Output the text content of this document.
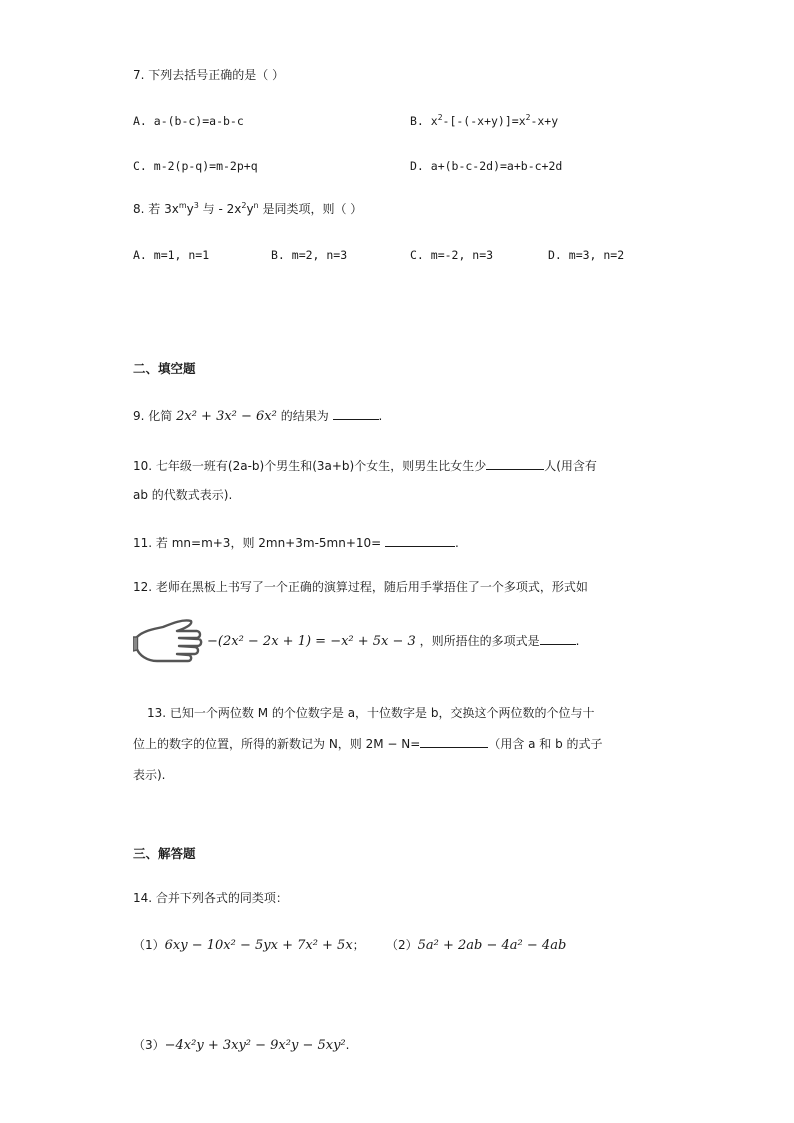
7. 下列去括号正确的是（ ）
A. a-(b-c)=a-b-c	B. $x^2-[-(-x+y)]=x^2-x+y$
C. m-2(p-q)=m-2p+q	D. a+(b-c-2d)=a+b-c+2d
8. 若 $3x^my^3$ 与 - $2x^2y^n$ 是同类项，则（ ）
A. m=1, n=1	B. m=2, n=3	C. m=-2, n=3	D. m=3, n=2
二、填空题
9. 化简 2x² + 3x² − 6x² 的结果为	.
10. 七年级一班有(2a-b)个男生和(3a+b)个女生，则男生比女生少	人(用含有
ab 的代数式表示).
11. 若 mn=m+3，则 2mn+3m-5mn+10=	.
12. 老师在黑板上书写了一个正确的演算过程，随后用手掌捂住了一个多项式，形式如
−(2x² − 2x + 1) = −x² + 5x − 3 ，则所捂住的多项式是	.
13. 已知一个两位数 M 的个位数字是 a，十位数字是 b，交换这个两位数的个位与十
位上的数字的位置，所得的新数记为 N，则 2M − N=	（用含 a 和 b 的式子
表示).
三、解答题
14. 合并下列各式的同类项：
（1）6xy − 10x² − 5yx + 7x² + 5x； （2）5a² + 2ab − 4a² − 4ab
（3）−4x²y + 3xy² − 9x²y − 5xy².
